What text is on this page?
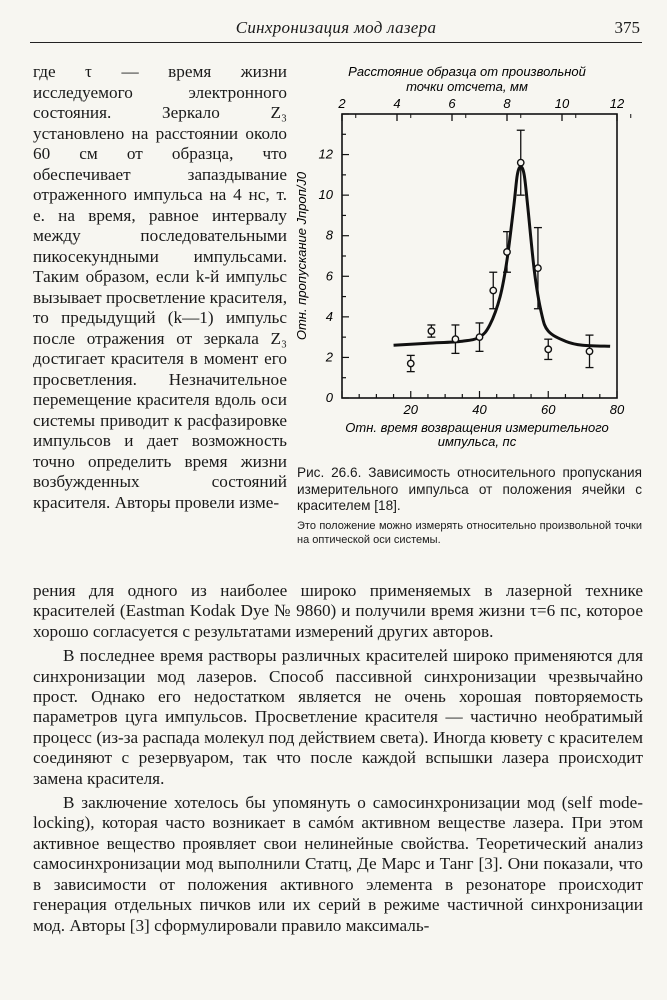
Синхронизация мод лазера	375

где τ — время жизни исследуемого электронного состояния. Зеркало Z₃ установлено на расстоянии около 60 см от образца, что обеспечивает запаздывание отраженного импульса на 4 нс, т. е. на время, равное интервалу между последовательными пикосекундными импульсами. Таким образом, если k-й импульс вызывает просветление красителя, то предыдущий (k—1) импульс после отражения от зеркала Z₃ достигает красителя в момент его просветления. Незначительное перемещение красителя вдоль оси системы приводит к расфазировке импульсов и дает возможность точно определить время жизни возбужденных состояний красителя. Авторы провели изме-

Расстояние образца от произвольной
точки отсчета, мм
2	4	6	8	10	12
20	40	60	80
0
2
4
6
8
10
12
Отн. пропускание Jпроп/J0
Отн. время возвращения измерительного
импульса, пс

Рис. 26.6. Зависимость относительного пропускания измерительного импульса от положения ячейки с красителем [18].

Это положение можно измерять относительно произвольной точки на оптической оси системы.

рения для одного из наиболее широко применяемых в лазерной технике красителей (Eastman Kodak Dye № 9860) и получили время жизни τ=6 пс, которое хорошо согласуется с результатами измерений других авторов.

В последнее время растворы различных красителей широко применяются для синхронизации мод лазеров. Способ пассивной синхронизации чрезвычайно прост. Однако его недостатком является не очень хорошая повторяемость параметров цуга импульсов. Просветление красителя — частично необратимый процесс (из-за распада молекул под действием света). Иногда кювету с красителем соединяют с резервуаром, так что после каждой вспышки лазера происходит замена красителя.

В заключение хотелось бы упомянуть о самосинхронизации мод (self mode-locking), которая часто возникает в самóм активном веществе лазера. При этом активное вещество проявляет свои нелинейные свойства. Теоретический анализ самосинхронизации мод выполнили Статц, Де Марс и Танг [3]. Они показали, что в зависимости от положения активного элемента в резонаторе происходит генерация отдельных пичков или их серий в режиме частичной синхронизации мод. Авторы [3] сформулировали правило максималь-
